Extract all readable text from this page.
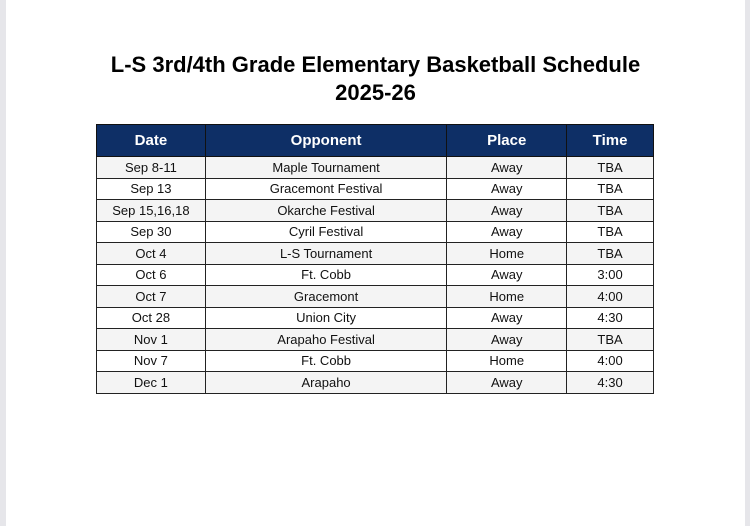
L-S 3rd/4th Grade Elementary Basketball Schedule
2025-26
Date	Opponent	Place	Time
Sep 8-11	Maple Tournament	Away	TBA
Sep 13	Gracemont Festival	Away	TBA
Sep 15,16,18	Okarche Festival	Away	TBA
Sep 30	Cyril Festival	Away	TBA
Oct 4	L-S Tournament	Home	TBA
Oct 6	Ft. Cobb	Away	3:00
Oct 7	Gracemont	Home	4:00
Oct 28	Union City	Away	4:30
Nov 1	Arapaho Festival	Away	TBA
Nov 7	Ft. Cobb	Home	4:00
Dec 1	Arapaho	Away	4:30
